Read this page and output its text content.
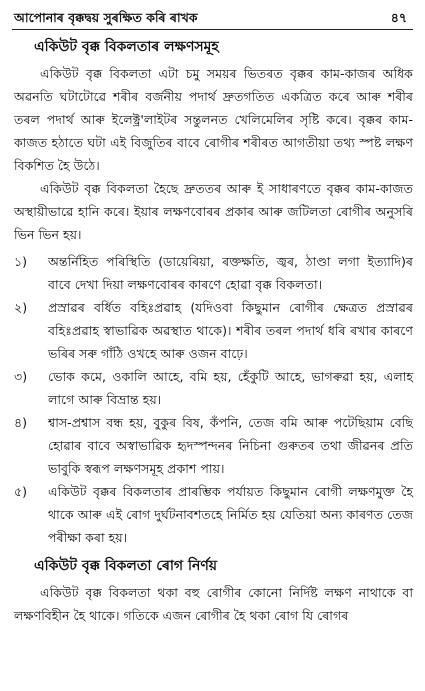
আপোনাৰ বৃক্কদ্বয় সুৰক্ষিত কৰি ৰাখক	৪৭
একিউট বৃক্ক বিকলতাৰ লক্ষণসমূহ

একিউট বৃক্ক বিকলতা এটা চমু সময়ৰ ভিতৰত বৃক্কৰ কাম-কাজৰ অধিক অৱনতি ঘটাটোৱে শৰীৰ বৰ্জনীয় পদাৰ্থ দ্ৰুতগতিত একত্ৰিত কৰে আৰু শৰীৰ তৰল পদাৰ্থ আৰু ইলেক্ট্ৰ'লাইটৰ সন্তুলনত খেলিমেলিৰ সৃষ্টি কৰে। বৃক্কৰ কাম-কাজত হঠাতে ঘটা এই বিজুতিৰ বাবে ৰোগীৰ শৰীৰত আগতীয়া তথ্য স্পষ্ট লক্ষণ বিকশিত হৈ উঠে।

একিউট বৃক্ক বিকলতা হৈছে দ্ৰুততৰ আৰু ই সাধাৰণতে বৃক্কৰ কাম-কাজত অস্থায়ীভাৱে হানি কৰে। ইয়াৰ লক্ষণবোৰৰ প্ৰকাৰ আৰু জটিলতা ৰোগীৰ অনুসৰি ভিন ভিন হয়।

১)	অন্তৰ্নিহিত পৰিস্থিতি (ডায়েৰিয়া, ৰক্তক্ষতি, জ্বৰ, ঠাণ্ডা লগা ইত্যাদি)ৰ বাবে দেখা দিয়া লক্ষণবোৰৰ কাৰণে হোৱা বৃক্ক বিকলতা।
২)	প্ৰস্ৰাৱৰ বৰ্ধিত বহিঃপ্ৰৱাহ (যদিওবা কিছুমান ৰোগীৰ ক্ষেত্ৰত প্ৰস্ৰাৱৰ বহিঃপ্ৰৱাহ স্বাভাৱিক অৱস্থাত থাকে)। শৰীৰ তৰল পদাৰ্থ ধৰি ৰখাৰ কাৰণে ভৰিৰ সৰু গাঁঠি ওখহে আৰু ওজন বাঢ়ে।
৩)	ভোক কমে, ওকালি আহে, বমি হয়, হেঁকুটি আহে, ভাগৰুৱা হয়, এলাহ লাগে আৰু বিভ্ৰান্ত হয়।
৪)	শ্বাস-প্ৰশ্বাস বন্ধ হয়, বুকুৰ বিষ, কঁপনি, তেজ বমি আৰু পটেছিয়াম বেছি হোৱাৰ বাবে অস্বাভাৱিক হৃদস্পন্দনৰ নিচিনা গুৰুতৰ তথা জীৱনৰ প্ৰতি ভাবুকি স্বৰূপ লক্ষণসমূহ প্ৰকাশ পায়।
৫)	একিউট বৃক্কৰ বিকলতাৰ প্ৰাৰম্ভিক পৰ্যায়ত কিছুমান ৰোগী লক্ষণমুক্ত হৈ থাকে আৰু এই ৰোগ দুৰ্ঘটনাবশতহে নিৰ্মিত হয় যেতিয়া অন্য কাৰণত তেজ পৰীক্ষা কৰা হয়।
একিউট বৃক্ক বিকলতা ৰোগ নিৰ্ণয়

একিউট বৃক্ক বিকলতা থকা বহু ৰোগীৰ কোনো নিৰ্দিষ্ট লক্ষণ নাথাকে বা লক্ষণবিহীন হৈ থাকে। গতিকে এজন ৰোগীৰ হৈ থকা ৰোগ যি ৰোগৰ
